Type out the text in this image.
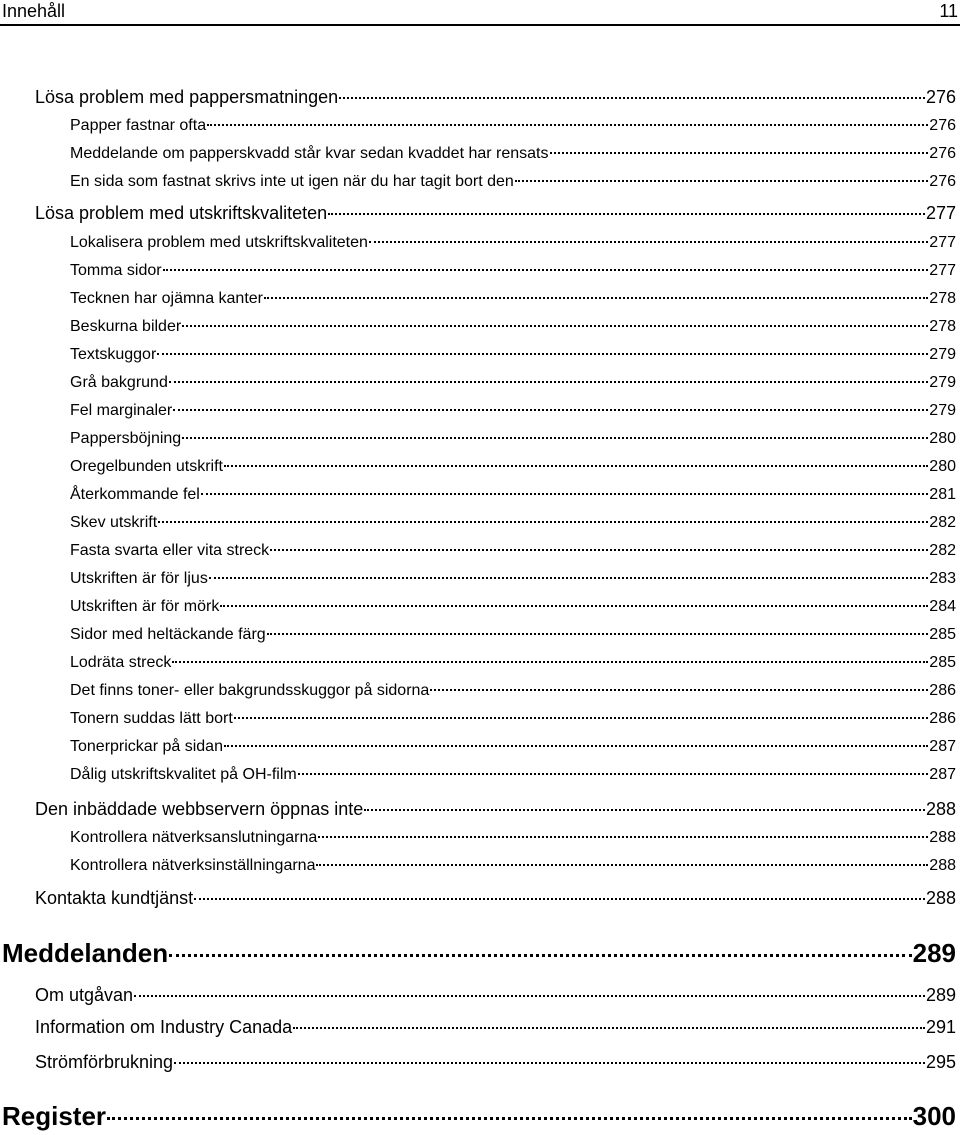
Innehåll	11
Lösa problem med pappersmatningen	276
Papper fastnar ofta	276
Meddelande om papperskvadd står kvar sedan kvaddet har rensats	276
En sida som fastnat skrivs inte ut igen när du har tagit bort den	276
Lösa problem med utskriftskvaliteten	277
Lokalisera problem med utskriftskvaliteten	277
Tomma sidor	277
Tecknen har ojämna kanter	278
Beskurna bilder	278
Textskuggor	279
Grå bakgrund	279
Fel marginaler	279
Pappersböjning	280
Oregelbunden utskrift	280
Återkommande fel	281
Skev utskrift	282
Fasta svarta eller vita streck	282
Utskriften är för ljus	283
Utskriften är för mörk	284
Sidor med heltäckande färg	285
Lodräta streck	285
Det finns toner- eller bakgrundsskuggor på sidorna	286
Tonern suddas lätt bort	286
Tonerprickar på sidan	287
Dålig utskriftskvalitet på OH-film	287
Den inbäddade webbservern öppnas inte	288
Kontrollera nätverksanslutningarna	288
Kontrollera nätverksinställningarna	288
Kontakta kundtjänst	288
Meddelanden	289
Om utgåvan	289
Information om Industry Canada	291
Strömförbrukning	295
Register	300
